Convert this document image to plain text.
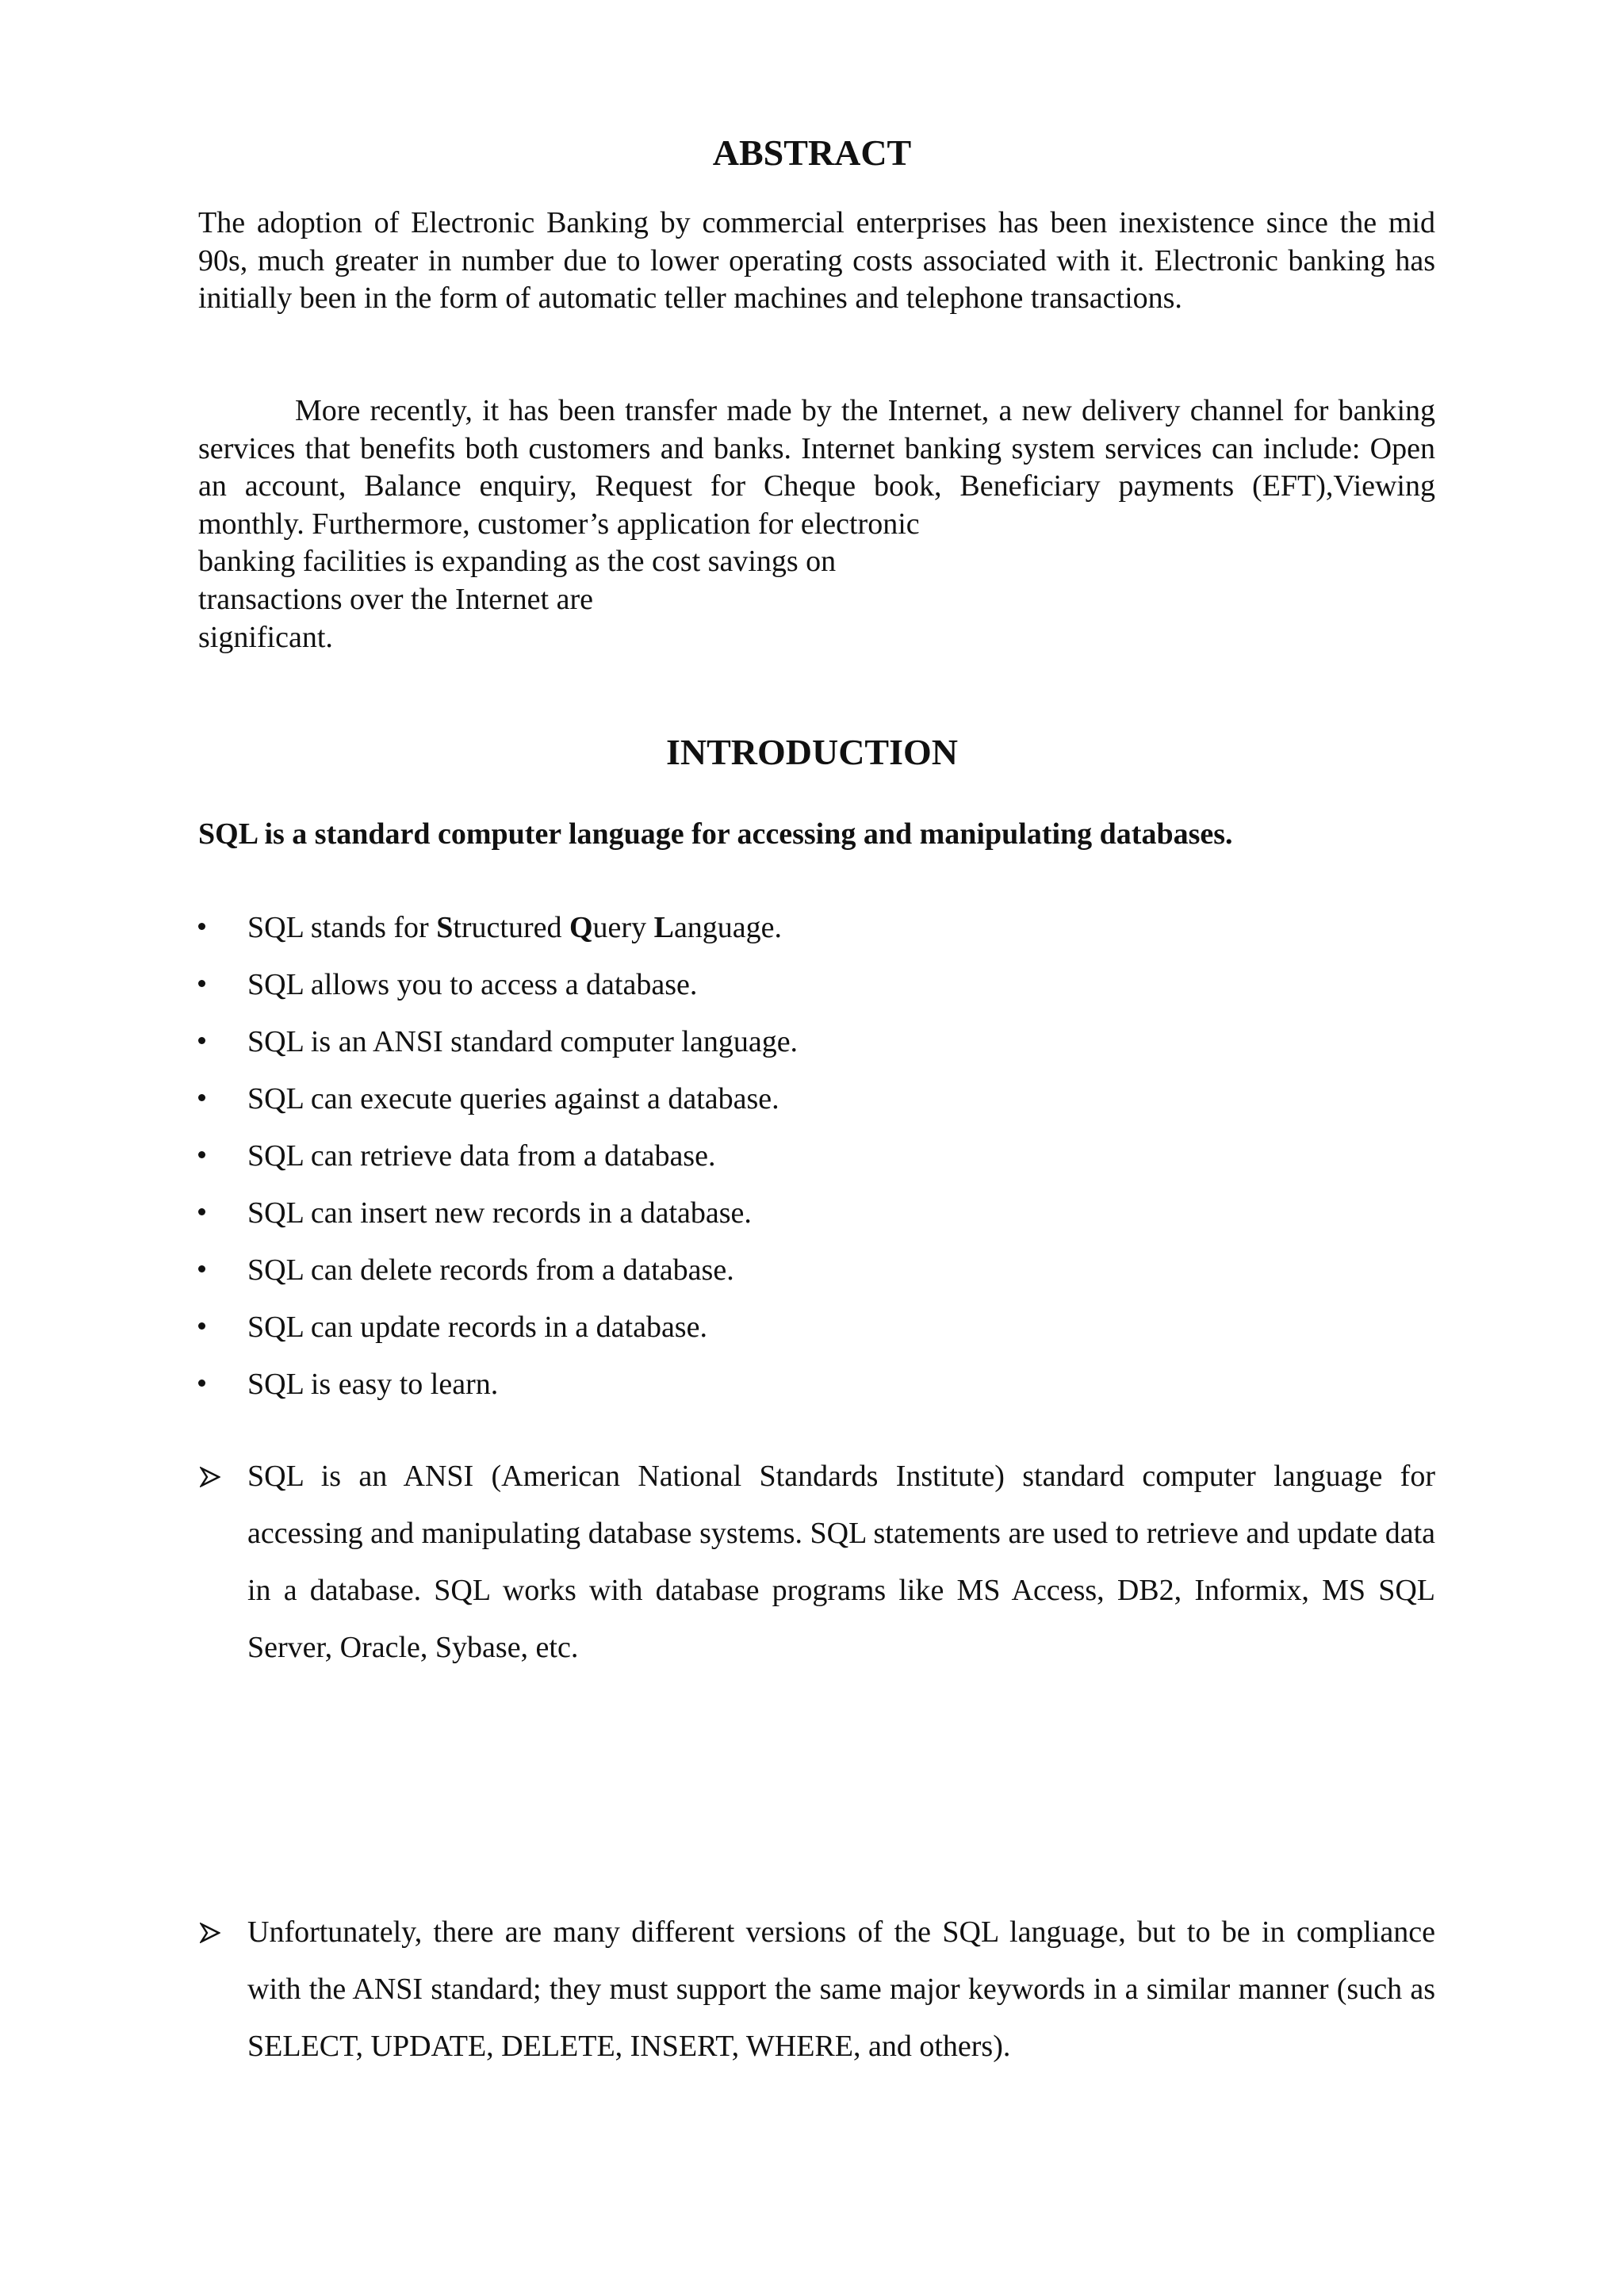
ABSTRACT

The adoption of Electronic Banking by commercial enterprises has been inexistence since the mid 90s, much greater in number due to lower operating costs associated with it. Electronic banking has initially been in the form of automatic teller machines and telephone transactions.

More recently, it has been transfer made by the Internet, a new delivery channel for banking services that benefits both customers and banks. Internet banking system services can include: Open an account, Balance enquiry, Request for Cheque book, Beneficiary payments (EFT),Viewing monthly. Furthermore, customer’s application for electronic

banking facilities is expanding as the cost savings on

transactions over the Internet are

significant.

INTRODUCTION

SQL is a standard computer language for accessing and manipulating databases.

SQL stands for Structured Query Language.
SQL allows you to access a database.
SQL is an ANSI standard computer language.
SQL can execute queries against a database.
SQL can retrieve data from a database.
SQL can insert new records in a database.
SQL can delete records from a database.
SQL can update records in a database.
SQL is easy to learn.

SQL is an ANSI (American National Standards Institute) standard computer language for accessing and manipulating database systems. SQL statements are used to retrieve and update data in a database. SQL works with database programs like MS Access, DB2, Informix, MS SQL Server, Oracle, Sybase, etc.

Unfortunately, there are many different versions of the SQL language, but to be in compliance with the ANSI standard; they must support the same major keywords in a similar manner (such as SELECT, UPDATE, DELETE, INSERT, WHERE, and others).
